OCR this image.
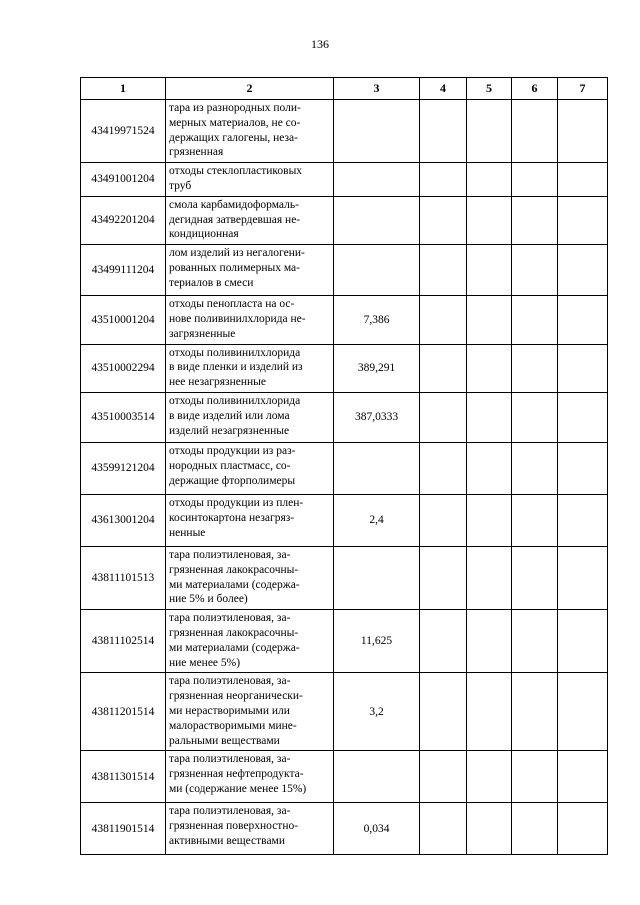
136
1	2	3	4	5	6	7
43419971524	тара из разнородных поли-
мерных материалов, не со-
держащих галогены, неза-
грязненная					
43491001204	отходы стеклопластиковых
труб					
43492201204	смола карбамидоформаль-
дегидная затвердевшая не-
кондиционная					
43499111204	лом изделий из негалогени-
рованных полимерных ма-
териалов в смеси					
43510001204	отходы пенопласта на ос-
нове поливинилхлорида не-
загрязненные	7,386				
43510002294	отходы поливинилхлорида
в виде пленки и изделий из
нее незагрязненные	389,291				
43510003514	отходы поливинилхлорида
в виде изделий или лома
изделий незагрязненные	387,0333				
43599121204	отходы продукции из раз-
нородных пластмасс, со-
держащие фторполимеры					
43613001204	отходы продукции из плен-
косинтокартона незагряз-
ненные	2,4				
43811101513	тара полиэтиленовая, за-
грязненная лакокрасочны-
ми материалами (содержа-
ние 5% и более)					
43811102514	тара полиэтиленовая, за-
грязненная лакокрасочны-
ми материалами (содержа-
ние менее 5%)	11,625				
43811201514	тара полиэтиленовая, за-
грязненная неорганически-
ми нерастворимыми или
малорастворимыми мине-
ральными веществами	3,2				
43811301514	тара полиэтиленовая, за-
грязненная нефтепродукта-
ми (содержание менее 15%)					
43811901514	тара полиэтиленовая, за-
грязненная поверхностно-
активными веществами	0,034				
